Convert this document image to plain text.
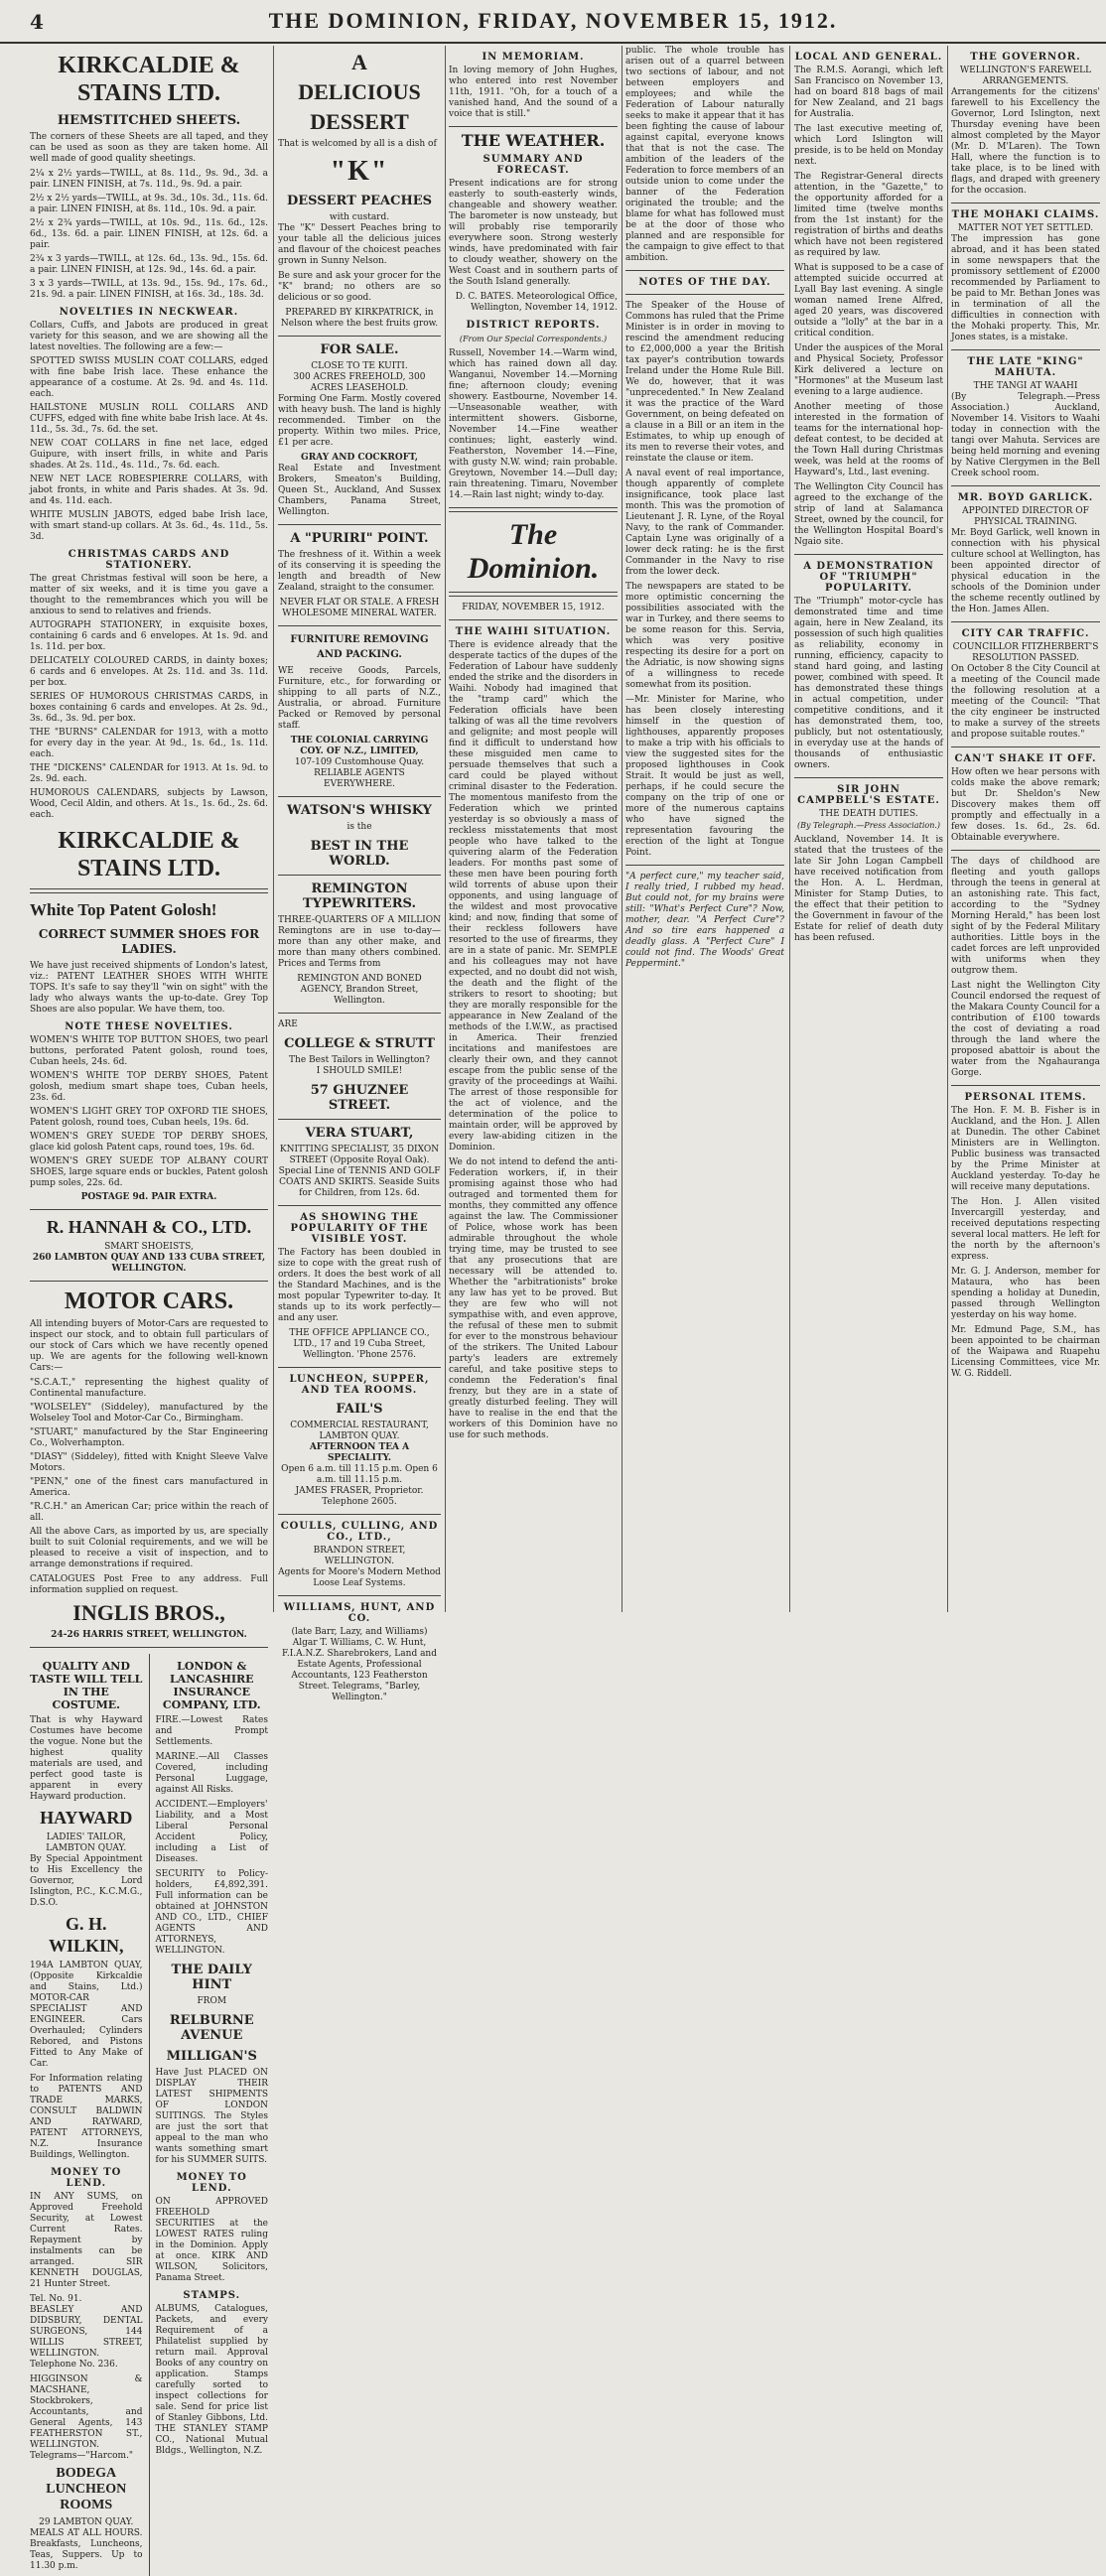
4	THE DOMINION, FRIDAY, NOVEMBER 15, 1912.
KIRKCALDIE & STAINS LTD.
HEMSTITCHED SHEETS.

The corners of these Sheets are all taped, and they can be used as soon as they are taken home. All well made of good quality sheetings.

2¼ x 2½ yards—TWILL, at 8s. 11d., 9s. 9d., 3d. a pair. LINEN FINISH, at 7s. 11d., 9s. 9d. a pair.

2½ x 2½ yards—TWILL, at 9s. 3d., 10s. 3d., 11s. 6d. a pair. LINEN FINISH, at 8s. 11d., 10s. 9d. a pair.

2½ x 2¾ yards—TWILL, at 10s. 9d., 11s. 6d., 12s. 6d., 13s. 6d. a pair. LINEN FINISH, at 12s. 6d. a pair.

2¾ x 3 yards—TWILL, at 12s. 6d., 13s. 9d., 15s. 6d. a pair. LINEN FINISH, at 12s. 9d., 14s. 6d. a pair.

3 x 3 yards—TWILL, at 13s. 9d., 15s. 9d., 17s. 6d., 21s. 9d. a pair. LINEN FINISH, at 16s. 3d., 18s. 3d.

NOVELTIES IN NECKWEAR.

Collars, Cuffs, and Jabots are produced in great variety for this season, and we are showing all the latest novelties. The following are a few:—

SPOTTED SWISS MUSLIN COAT COLLARS, edged with fine babe Irish lace. These enhance the appearance of a costume. At 2s. 9d. and 4s. 11d. each.

HAILSTONE MUSLIN ROLL COLLARS AND CUFFS, edged with fine white babe Irish lace. At 4s. 11d., 5s. 3d., 7s. 6d. the set.

NEW COAT COLLARS in fine net lace, edged Guipure, with insert frills, in white and Paris shades. At 2s. 11d., 4s. 11d., 7s. 6d. each.

NEW NET LACE ROBESPIERRE COLLARS, with jabot fronts, in white and Paris shades. At 3s. 9d. and 4s. 11d. each.

WHITE MUSLIN JABOTS, edged babe Irish lace, with smart stand-up collars. At 3s. 6d., 4s. 11d., 5s. 3d.

CHRISTMAS CARDS AND STATIONERY.

The great Christmas festival will soon be here, a matter of six weeks, and it is time you gave a thought to the remembrances which you will be anxious to send to relatives and friends.

AUTOGRAPH STATIONERY, in exquisite boxes, containing 6 cards and 6 envelopes. At 1s. 9d. and 1s. 11d. per box.

DELICATELY COLOURED CARDS, in dainty boxes; 6 cards and 6 envelopes. At 2s. 11d. and 3s. 11d. per box.

SERIES OF HUMOROUS CHRISTMAS CARDS, in boxes containing 6 cards and envelopes. At 2s. 9d., 3s. 6d., 3s. 9d. per box.

THE "BURNS" CALENDAR for 1913, with a motto for every day in the year. At 9d., 1s. 6d., 1s. 11d. each.

THE "DICKENS" CALENDAR for 1913. At 1s. 9d. to 2s. 9d. each.

HUMOROUS CALENDARS, subjects by Lawson, Wood, Cecil Aldin, and others. At 1s., 1s. 6d., 2s. 6d. each.

KIRKCALDIE & STAINS LTD.
White Top Patent Golosh!
CORRECT SUMMER SHOES FOR LADIES.

We have just received shipments of London's latest, viz.: PATENT LEATHER SHOES WITH WHITE TOPS. It's safe to say they'll "win on sight" with the lady who always wants the up-to-date. Grey Top Shoes are also popular. We have them, too.

NOTE THESE NOVELTIES.

WOMEN'S WHITE TOP BUTTON SHOES, two pearl buttons, perforated Patent golosh, round toes, Cuban heels, 24s. 6d.

WOMEN'S WHITE TOP DERBY SHOES, Patent golosh, medium smart shape toes, Cuban heels, 23s. 6d.

WOMEN'S LIGHT GREY TOP OXFORD TIE SHOES, Patent golosh, round toes, Cuban heels, 19s. 6d.

WOMEN'S GREY SUEDE TOP DERBY SHOES, glace kid golosh Patent caps, round toes, 19s. 6d.

WOMEN'S GREY SUEDE TOP ALBANY COURT SHOES, large square ends or buckles, Patent golosh pump soles, 22s. 6d.

POSTAGE 9d. PAIR EXTRA.
R. HANNAH & CO., LTD.
SMART SHOEISTS,
260 LAMBTON QUAY AND 133 CUBA STREET, WELLINGTON.
MOTOR CARS.

All intending buyers of Motor-Cars are requested to inspect our stock, and to obtain full particulars of our stock of Cars which we have recently opened up. We are agents for the following well-known Cars:—

"S.C.A.T.," representing the highest quality of Continental manufacture.

"WOLSELEY" (Siddeley), manufactured by the Wolseley Tool and Motor-Car Co., Birmingham.

"STUART," manufactured by the Star Engineering Co., Wolverhampton.

"DIASY" (Siddeley), fitted with Knight Sleeve Valve Motors.

"PENN," one of the finest cars manufactured in America.

"R.C.H." an American Car; price within the reach of all.

All the above Cars, as imported by us, are specially built to suit Colonial requirements, and we will be pleased to receive a visit of inspection, and to arrange demonstrations if required.

CATALOGUES Post Free to any address. Full information supplied on request.

INGLIS BROS.,
24-26 HARRIS STREET, WELLINGTON.
QUALITY AND TASTE WILL TELL IN THE COSTUME.

That is why Hayward Costumes have become the vogue. None but the highest quality materials are used, and perfect good taste is apparent in every Hayward production.

HAYWARD
LADIES' TAILOR, LAMBTON QUAY.

By Special Appointment to His Excellency the Governor, Lord Islington, P.C., K.C.M.G., D.S.O.

G. H. WILKIN,

194A LAMBTON QUAY, (Opposite Kirkcaldie and Stains, Ltd.) MOTOR-CAR SPECIALIST AND ENGINEER. Cars Overhauled; Cylinders Rebored, and Pistons Fitted to Any Make of Car.

For Information relating to PATENTS AND TRADE MARKS, CONSULT BALDWIN AND RAYWARD, PATENT ATTORNEYS, N.Z. Insurance Buildings, Wellington.

MONEY TO LEND.

IN ANY SUMS, on Approved Freehold Security, at Lowest Current Rates. Repayment by instalments can be arranged. SIR KENNETH DOUGLAS, 21 Hunter Street.

Tel. No. 91.

BEASLEY AND DIDSBURY, DENTAL SURGEONS, 144 WILLIS STREET, WELLINGTON. Telephone No. 236.

HIGGINSON & MACSHANE, Stockbrokers, Accountants, and General Agents, 143 FEATHERSTON ST., WELLINGTON. Telegrams—"Harcom."

BODEGA LUNCHEON ROOMS
29 LAMBTON QUAY.

MEALS AT ALL HOURS. Breakfasts, Luncheons, Teas, Suppers. Up to 11.30 p.m.

LONDON & LANCASHIRE INSURANCE COMPANY, LTD.

FIRE.—Lowest Rates and Prompt Settlements.

MARINE.—All Classes Covered, including Personal Luggage, against All Risks.

ACCIDENT.—Employers' Liability, and a Most Liberal Personal Accident Policy, including a List of Diseases.

SECURITY to Policy-holders, £4,892,391. Full information can be obtained at JOHNSTON AND CO., LTD., CHIEF AGENTS AND ATTORNEYS, WELLINGTON.

THE DAILY HINT
FROM
RELBURNE AVENUE
MILLIGAN'S

Have Just PLACED ON DISPLAY THEIR LATEST SHIPMENTS OF LONDON SUITINGS. The Styles are just the sort that appeal to the man who wants something smart for his SUMMER SUITS.

MONEY TO LEND.

ON APPROVED FREEHOLD SECURITIES at the LOWEST RATES ruling in the Dominion. Apply at once. KIRK AND WILSON, Solicitors, Panama Street.

STAMPS.

ALBUMS, Catalogues, Packets, and every Requirement of a Philatelist supplied by return mail. Approval Books of any country on application. Stamps carefully sorted to inspect collections for sale. Send for price list of Stanley Gibbons, Ltd. THE STANLEY STAMP CO., National Mutual Bldgs., Wellington, N.Z.

A
DELICIOUS
DESSERT

That is welcomed by all is a dish of

"K"
DESSERT PEACHES
with custard.

The "K" Dessert Peaches bring to your table all the delicious juices and flavour of the choicest peaches grown in Sunny Nelson.

Be sure and ask your grocer for the "K" brand; no others are so delicious or so good.

PREPARED BY KIRKPATRICK, in Nelson where the best fruits grow.

FOR SALE.
CLOSE TO TE KUITI.
300 ACRES FREEHOLD, 300 ACRES LEASEHOLD.

Forming One Farm. Mostly covered with heavy bush. The land is highly recommended. Timber on the property. Within two miles. Price, £1 per acre.

GRAY AND COCKROFT,

Real Estate and Investment Brokers, Smeaton's Building, Queen St., Auckland, And Sussex Chambers, Panama Street, Wellington.

A "PURIRI" POINT.

The freshness of it. Within a week of its conserving it is speeding the length and breadth of New Zealand, straight to the consumer.

NEVER FLAT OR STALE. A FRESH WHOLESOME MINERAL WATER.

FURNITURE REMOVING AND PACKING.

WE receive Goods, Parcels, Furniture, etc., for forwarding or shipping to all parts of N.Z., Australia, or abroad. Furniture Packed or Removed by personal staff.

THE COLONIAL CARRYING COY. OF N.Z., LIMITED,

107-109 Customhouse Quay. RELIABLE AGENTS EVERYWHERE.

WATSON'S WHISKY
is the
BEST IN THE WORLD.
REMINGTON TYPEWRITERS.

THREE-QUARTERS OF A MILLION Remingtons are in use to-day—more than any other make, and more than many others combined. Prices and Terms from

REMINGTON AND BONED AGENCY, Brandon Street, Wellington.

ARE
COLLEGE & STRUTT
The Best Tailors in Wellington?
I SHOULD SMILE!
57 GHUZNEE STREET.
VERA STUART,

KNITTING SPECIALIST, 35 DIXON STREET (Opposite Royal Oak). Special Line of TENNIS AND GOLF COATS AND SKIRTS. Seaside Suits for Children, from 12s. 6d.

AS SHOWING THE POPULARITY OF THE VISIBLE YOST.

The Factory has been doubled in size to cope with the great rush of orders. It does the best work of all the Standard Machines, and is the most popular Typewriter to-day. It stands up to its work perfectly—and any user.

THE OFFICE APPLIANCE CO., LTD., 17 and 19 Cuba Street, Wellington. 'Phone 2576.

LUNCHEON, SUPPER, AND TEA ROOMS.
FAIL'S
COMMERCIAL RESTAURANT, LAMBTON QUAY.
AFTERNOON TEA A SPECIALITY.
Open 6 a.m. till 11.15 p.m. Open 6 a.m. till 11.15 p.m.
JAMES FRASER, Proprietor.
Telephone 2605.
COULLS, CULLING, AND CO., LTD.,
BRANDON STREET, WELLINGTON.

Agents for Moore's Modern Method Loose Leaf Systems.

WILLIAMS, HUNT, AND CO.

(late Barr, Lazy, and Williams) Algar T. Williams, C. W. Hunt, F.I.A.N.Z. Sharebrokers, Land and Estate Agents, Professional Accountants, 123 Featherston Street. Telegrams, "Barley, Wellington."

IN MEMORIAM.

In loving memory of John Hughes, who entered into rest November 11th, 1911. "Oh, for a touch of a vanished hand, And the sound of a voice that is still."

THE WEATHER.
SUMMARY AND FORECAST.

Present indications are for strong easterly to south-easterly winds, changeable and showery weather. The barometer is now unsteady, but will probably rise temporarily everywhere soon. Strong westerly winds, have predominated with fair to cloudy weather, showery on the West Coast and in southern parts of the South Island generally.

D. C. BATES. Meteorological Office, Wellington, November 14, 1912.

DISTRICT REPORTS.
(From Our Special Correspondents.)

Russell, November 14.—Warm wind, which has rained down all day. Wanganui, November 14.—Morning fine; afternoon cloudy; evening showery. Eastbourne, November 14.—Unseasonable weather, with intermittent showers. Gisborne, November 14.—Fine weather continues; light, easterly wind. Featherston, November 14.—Fine, with gusty N.W. wind; rain probable. Greytown, November 14.—Dull day; rain threatening. Timaru, November 14.—Rain last night; windy to-day.

The Dominion.
FRIDAY, NOVEMBER 15, 1912.
THE WAIHI SITUATION.

There is evidence already that the desperate tactics of the dupes of the Federation of Labour have suddenly ended the strike and the disorders in Waihi. Nobody had imagined that the "tramp card" which the Federation officials have been talking of was all the time revolvers and gelignite; and most people will find it difficult to understand how these misguided men came to persuade themselves that such a card could be played without criminal disaster to the Federation. The momentous manifesto from the Federation which we printed yesterday is so obviously a mass of reckless misstatements that most people who have talked to the quivering alarm of the Federation leaders. For months past some of these men have been pouring forth wild torrents of abuse upon their opponents, and using language of the wildest and most provocative kind; and now, finding that some of their reckless followers have resorted to the use of firearms, they are in a state of panic. Mr. SEMPLE and his colleagues may not have expected, and no doubt did not wish, the death and the flight of the strikers to resort to shooting; but they are morally responsible for the appearance in New Zealand of the methods of the I.W.W., as practised in America. Their frenzied incitations and manifestoes are clearly their own, and they cannot escape from the public sense of the gravity of the proceedings at Waihi. The arrest of those responsible for the act of violence, and the determination of the police to maintain order, will be approved by every law-abiding citizen in the Dominion.

We do not intend to defend the anti-Federation workers, if, in their promising against those who had outraged and tormented them for months, they committed any offence against the law. The Commissioner of Police, whose work has been admirable throughout the whole trying time, may be trusted to see that any prosecutions that are necessary will be attended to. Whether the "arbitrationists" broke any law has yet to be proved. But they are few who will not sympathise with, and even approve, the refusal of these men to submit for ever to the monstrous behaviour of the strikers. The United Labour party's leaders are extremely careful, and take positive steps to condemn the Federation's final frenzy, but they are in a state of greatly disturbed feeling. They will have to realise in the end that the workers of this Dominion have no use for such methods.

public. The whole trouble has arisen out of a quarrel between two sections of labour, and not between employers and employees; and while the Federation of Labour naturally seeks to make it appear that it has been fighting the cause of labour against capital, everyone knows that that is not the case. The ambition of the leaders of the Federation to force members of an outside union to come under the banner of the Federation originated the trouble; and the blame for what has followed must be at the door of those who planned and are responsible for the campaign to give effect to that ambition.

NOTES OF THE DAY.

The Speaker of the House of Commons has ruled that the Prime Minister is in order in moving to rescind the amendment reducing to £2,000,000 a year the British tax payer's contribution towards Ireland under the Home Rule Bill. We do, however, that it was "unprecedented." In New Zealand it was the practice of the Ward Government, on being defeated on a clause in a Bill or an item in the Estimates, to whip up enough of its men to reverse their votes, and reinstate the clause or item.

A naval event of real importance, though apparently of complete insignificance, took place last month. This was the promotion of Lieutenant J. R. Lyne, of the Royal Navy, to the rank of Commander. Captain Lyne was originally of a lower deck rating: he is the first Commander in the Navy to rise from the lower deck.

The newspapers are stated to be more optimistic concerning the possibilities associated with the war in Turkey, and there seems to be some reason for this. Servia, which was very positive respecting its desire for a port on the Adriatic, is now showing signs of a willingness to recede somewhat from its position.

—Mr. Minister for Marine, who has been closely interesting himself in the question of lighthouses, apparently proposes to make a trip with his officials to view the suggested sites for the proposed lighthouses in Cook Strait. It would be just as well, perhaps, if he could secure the company on the trip of one or more of the numerous captains who have signed the representation favouring the erection of the light at Tongue Point.

"A perfect cure," my teacher said, I really tried, I rubbed my head. But could not, for my brains were still: "What's Perfect Cure"? Now, mother, dear. "A Perfect Cure"? And so tire ears happened a deadly glass. A "Perfect Cure" I could not find. The Woods' Great Peppermint."

LOCAL AND GENERAL.

The R.M.S. Aorangi, which left San Francisco on November 13, had on board 818 bags of mail for New Zealand, and 21 bags for Australia.

The last executive meeting of, which Lord Islington will preside, is to be held on Monday next.

The Registrar-General directs attention, in the "Gazette," to the opportunity afforded for a limited time (twelve months from the 1st instant) for the registration of births and deaths which have not been registered as required by law.

What is supposed to be a case of attempted suicide occurred at Lyall Bay last evening. A single woman named Irene Alfred, aged 20 years, was discovered outside a "lolly" at the bar in a critical condition.

Under the auspices of the Moral and Physical Society, Professor Kirk delivered a lecture on "Hormones" at the Museum last evening to a large audience.

Another meeting of those interested in the formation of teams for the international hop-defeat contest, to be decided at the Town Hall during Christmas week, was held at the rooms of Hayward's, Ltd., last evening.

The Wellington City Council has agreed to the exchange of the strip of land at Salamanca Street, owned by the council, for the Wellington Hospital Board's Ngaio site.

A DEMONSTRATION OF "TRIUMPH" POPULARITY.

The "Triumph" motor-cycle has demonstrated time and time again, here in New Zealand, its possession of such high qualities as reliability, economy in running, efficiency, capacity to stand hard going, and lasting power, combined with speed. It has demonstrated these things in actual competition, under competitive conditions, and it has demonstrated them, too, publicly, but not ostentatiously, in everyday use at the hands of thousands of enthusiastic owners.

SIR JOHN CAMPBELL'S ESTATE.
THE DEATH DUTIES.
(By Telegraph.—Press Association.)

Auckland, November 14. It is stated that the trustees of the late Sir John Logan Campbell have received notification from the Hon. A. L. Herdman, Minister for Stamp Duties, to the effect that their petition to the Government in favour of the Estate for relief of death duty has been refused.

THE GOVERNOR.
WELLINGTON'S FAREWELL ARRANGEMENTS.

Arrangements for the citizens' farewell to his Excellency the Governor, Lord Islington, next Thursday evening have been almost completed by the Mayor (Mr. D. M'Laren). The Town Hall, where the function is to take place, is to be lined with flags, and draped with greenery for the occasion.

THE MOHAKI CLAIMS.
MATTER NOT YET SETTLED.

The impression has gone abroad, and it has been stated in some newspapers that the promissory settlement of £2000 recommended by Parliament to be paid to Mr. Bethan Jones was in termination of all the difficulties in connection with the Mohaki property. This, Mr. Jones states, is a mistake.

THE LATE "KING" MAHUTA.
THE TANGI AT WAAHI

(By Telegraph.—Press Association.) Auckland, November 14. Visitors to Waahi today in connection with the tangi over Mahuta. Services are being held morning and evening by Native Clergymen in the Bell Creek school room.

MR. BOYD GARLICK.
APPOINTED DIRECTOR OF PHYSICAL TRAINING.

Mr. Boyd Garlick, well known in connection with his physical culture school at Wellington, has been appointed director of physical education in the schools of the Dominion under the scheme recently outlined by the Hon. James Allen.

CITY CAR TRAFFIC.
COUNCILLOR FITZHERBERT'S RESOLUTION PASSED.

On October 8 the City Council at a meeting of the Council made the following resolution at a meeting of the Council: "That the city engineer be instructed to make a survey of the streets and propose suitable routes."

CAN'T SHAKE IT OFF.

How often we hear persons with colds make the above remark; but Dr. Sheldon's New Discovery makes them off promptly and effectually in a few doses. 1s. 6d., 2s. 6d. Obtainable everywhere.

The days of childhood are fleeting and youth gallops through the teens in general at an astonishing rate. This fact, according to the "Sydney Morning Herald," has been lost sight of by the Federal Military authorities. Little boys in the cadet forces are left unprovided with uniforms when they outgrow them.

Last night the Wellington City Council endorsed the request of the Makara County Council for a contribution of £100 towards the cost of deviating a road through the land where the proposed abattoir is about the water from the Ngahauranga Gorge.

PERSONAL ITEMS.

The Hon. F. M. B. Fisher is in Auckland, and the Hon. J. Allen at Dunedin. The other Cabinet Ministers are in Wellington. Public business was transacted by the Prime Minister at Auckland yesterday. To-day he will receive many deputations.

The Hon. J. Allen visited Invercargill yesterday, and received deputations respecting several local matters. He left for the north by the afternoon's express.

Mr. G. J. Anderson, member for Mataura, who has been spending a holiday at Dunedin, passed through Wellington yesterday on his way home.

Mr. Edmund Page, S.M., has been appointed to be chairman of the Waipawa and Ruapehu Licensing Committees, vice Mr. W. G. Riddell.
